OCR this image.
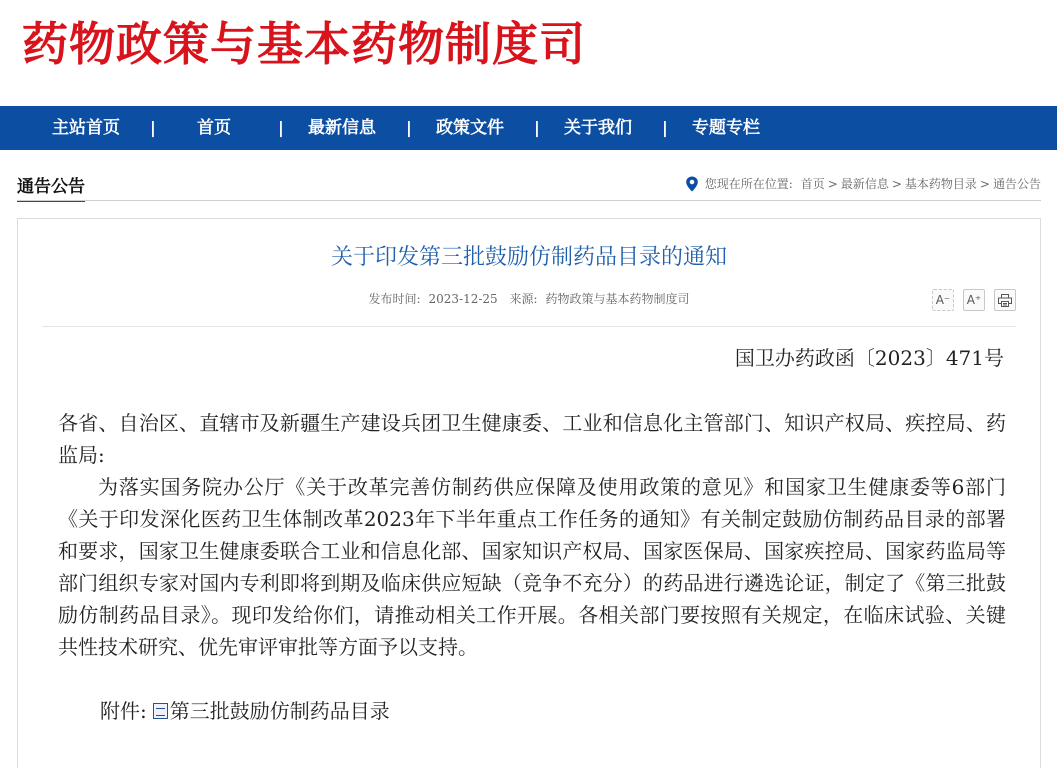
药物政策与基本药物制度司
主站首页	|	首页	|	最新信息	|	政策文件	|	关于我们	|	专题专栏
通告公告	您现在所在位置: 首页 > 最新信息 > 基本药物目录 > 通告公告
关于印发第三批鼓励仿制药品目录的通知
发布时间: 2023-12-25 来源: 药物政策与基本药物制度司	A⁻	A⁺
国卫办药政函〔2023〕471号

各省、自治区、直辖市及新疆生产建设兵团卫生健康委、工业和信息化主管部门、知识产权局、疾控局、药监局:

为落实国务院办公厅《关于改革完善仿制药供应保障及使用政策的意见》和国家卫生健康委等6部门《关于印发深化医药卫生体制改革2023年下半年重点工作任务的通知》有关制定鼓励仿制药品目录的部署和要求，国家卫生健康委联合工业和信息化部、国家知识产权局、国家医保局、国家疾控局、国家药监局等部门组织专家对国内专利即将到期及临床供应短缺（竞争不充分）的药品进行遴选论证，制定了《第三批鼓励仿制药品目录》。现印发给你们，请推动相关工作开展。各相关部门要按照有关规定，在临床试验、关键共性技术研究、优先审评审批等方面予以支持。

附件: 第三批鼓励仿制药品目录
